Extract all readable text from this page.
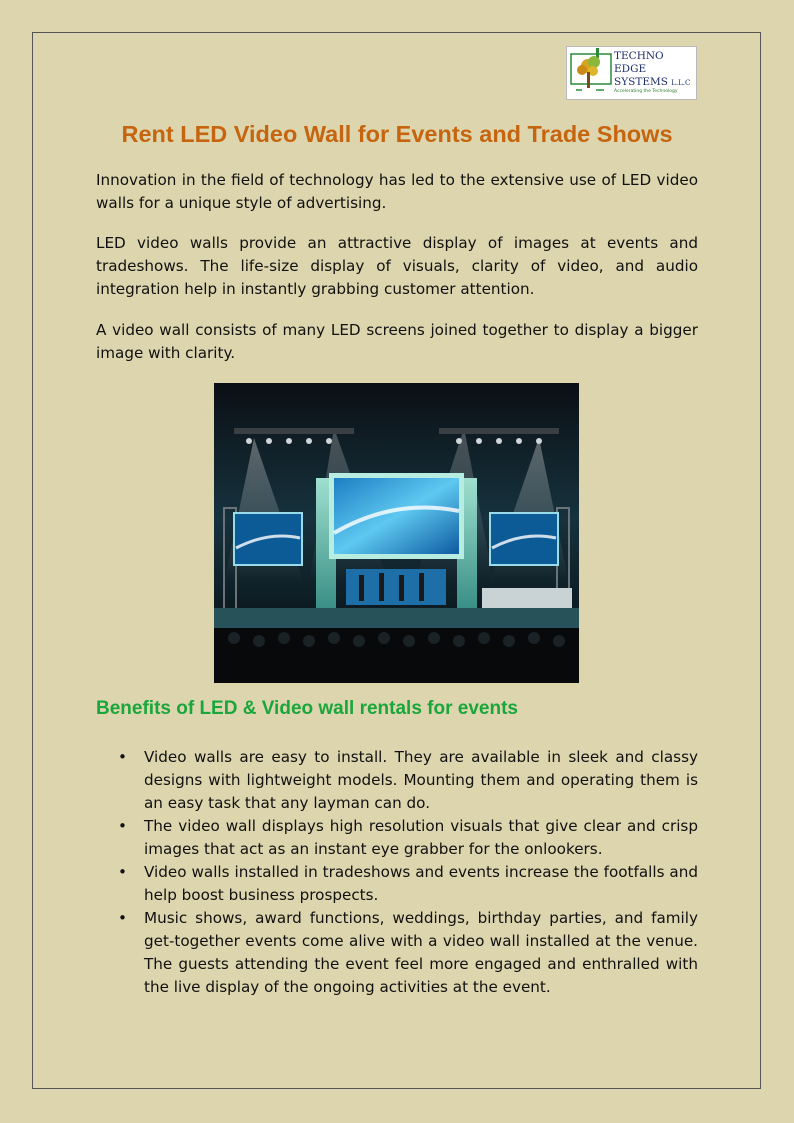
TECHNO
EDGE
SYSTEMS L.L.C
Accelerating the Technology
Rent LED Video Wall for Events and Trade Shows

Innovation in the field of technology has led to the extensive use of LED video walls for a unique style of advertising.

LED video walls provide an attractive display of images at events and tradeshows. The life-size display of visuals, clarity of video, and audio integration help in instantly grabbing customer attention.

A video wall consists of many LED screens joined together to display a bigger image with clarity.

Benefits of LED & Video wall rentals for events
• Video walls are easy to install. They are available in sleek and classy designs with lightweight models. Mounting them and operating them is an easy task that any layman can do.
• The video wall displays high resolution visuals that give clear and crisp images that act as an instant eye grabber for the onlookers.
• Video walls installed in tradeshows and events increase the footfalls and help boost business prospects.
• Music shows, award functions, weddings, birthday parties, and family get-together events come alive with a video wall installed at the venue. The guests attending the event feel more engaged and enthralled with the live display of the ongoing activities at the event.
